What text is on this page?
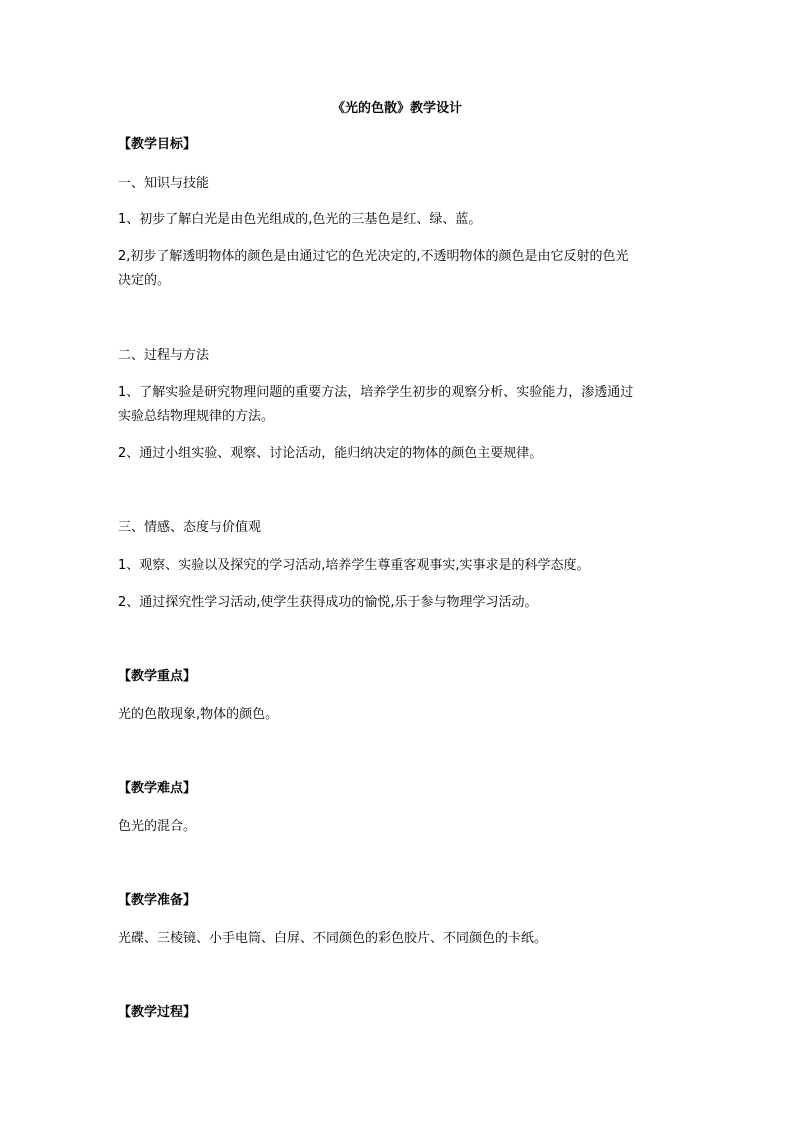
《光的色散》教学设计
【教学目标】
一、知识与技能
1、初步了解白光是由色光组成的,色光的三基色是红、绿、蓝。
2,初步了解透明物体的颜色是由通过它的色光决定的,不透明物体的颜色是由它反射的色光
决定的。
二、过程与方法
1、了解实验是研究物理问题的重要方法，培养学生初步的观察分析、实验能力，渗透通过
实验总结物理规律的方法。
2、通过小组实验、观察、讨论活动，能归纳决定的物体的颜色主要规律。
三、情感、态度与价值观
1、观察、实验以及探究的学习活动,培养学生尊重客观事实,实事求是的科学态度。
2、通过探究性学习活动,使学生获得成功的愉悦,乐于参与物理学习活动。
【教学重点】
光的色散现象,物体的颜色。
【教学难点】
色光的混合。
【教学准备】
光碟、三棱镜、小手电筒、白屏、不同颜色的彩色胶片、不同颜色的卡纸。
【教学过程】
